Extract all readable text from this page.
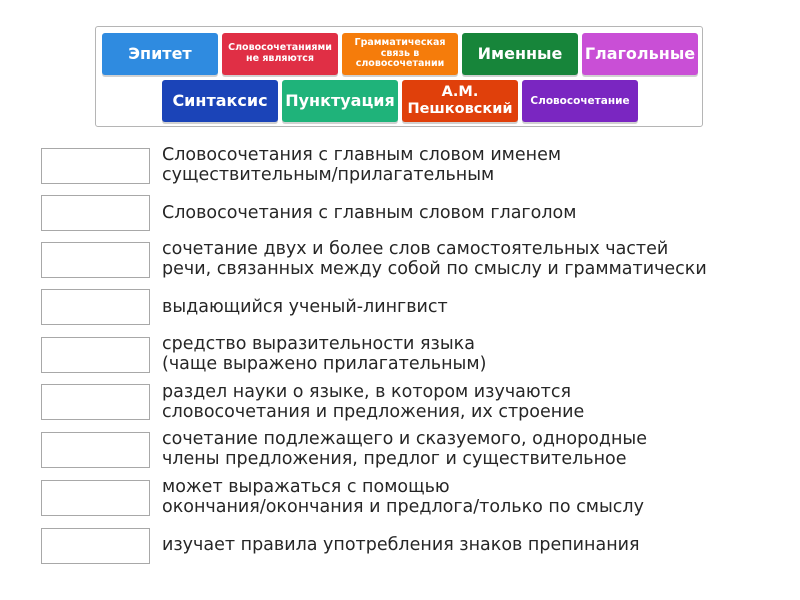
Эпитет	Словосочетаниями не являются
Грамматическая связь в словосочетании
Именные Глагольные
Синтаксис Пунктуация	А.М. Пешковский
Словосочетание
Словосочетания с главным словом именем
существительным/прилагательным
Словосочетания с главным словом глаголом
сочетание двух и более слов самостоятельных частей
речи, связанных между собой по смыслу и грамматически
выдающийся ученый-лингвист
средство выразительности языка
(чаще выражено прилагательным)
раздел науки о языке, в котором изучаются
словосочетания и предложения, их строение
сочетание подлежащего и сказуемого, однородные
члены предложения, предлог и существительное
может выражаться с помощью
окончания/окончания и предлога/только по смыслу
изучает правила употребления знаков препинания
